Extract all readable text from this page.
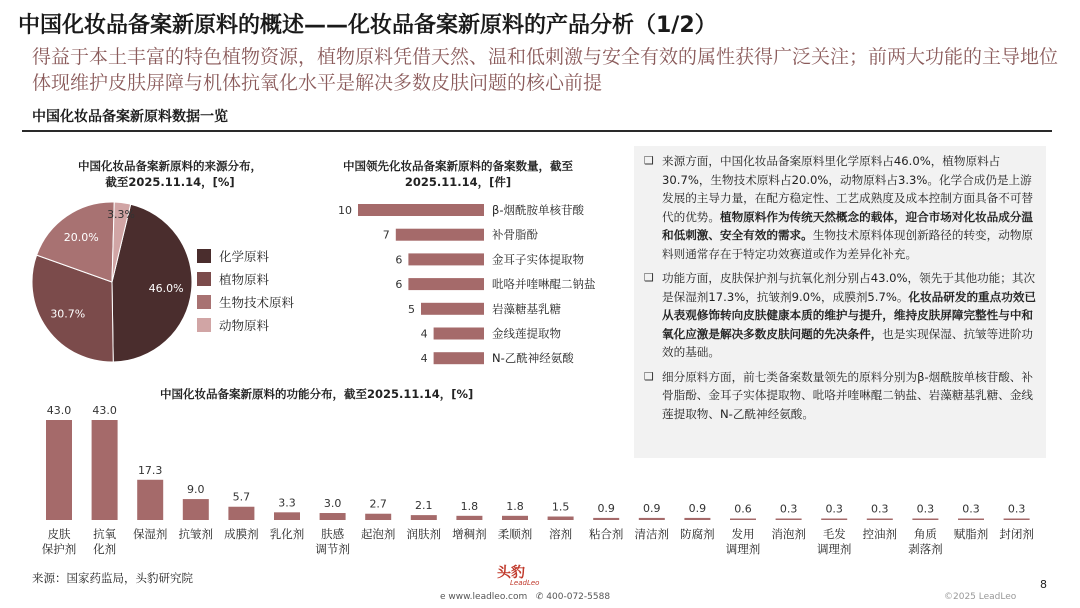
中国化妆品备案新原料的概述——化妆品备案新原料的产品分析（1/2）
得益于本土丰富的特色植物资源，植物原料凭借天然、温和低刺激与安全有效的属性获得广泛关注；前两大功能的主导地位体现维护皮肤屏障与机体抗氧化水平是解决多数皮肤问题的核心前提
中国化妆品备案新原料数据一览
中国化妆品备案新原料的来源分布，
截至2025.11.14，[%]
46.0%
30.7%
20.0%
3.3%
化学原料
植物原料
生物技术原料
动物原料
中国领先化妆品备案新原料的备案数量，截至
2025.11.14，[件]
10	β-烟酰胺单核苷酸
7	补骨脂酚
6	金耳子实体提取物
6	吡咯并喹啉醌二钠盐
5	岩藻糖基乳糖
4	金线莲提取物
4	N-乙酰神经氨酸
❑ 来源方面，中国化妆品备案原料里化学原料占46.0%，植物原料占30.7%，生物技术原料占20.0%，动物原料占3.3%。化学合成仍是上游发展的主导力量，在配方稳定性、工艺成熟度及成本控制方面具备不可替代的优势。植物原料作为传统天然概念的载体，迎合市场对化妆品成分温和低刺激、安全有效的需求。生物技术原料体现创新路径的转变，动物原料则通常存在于特定功效赛道或作为差异化补充。
❑ 功能方面，皮肤保护剂与抗氧化剂分别占43.0%，领先于其他功能；其次是保湿剂17.3%，抗皱剂9.0%，成膜剂5.7%。化妆品研发的重点功效已从表观修饰转向皮肤健康本质的维护与提升，维持皮肤屏障完整性与中和氧化应激是解决多数皮肤问题的先决条件，也是实现保湿、抗皱等进阶功效的基础。
❑ 细分原料方面，前七类备案数量领先的原料分别为β-烟酰胺单核苷酸、补骨脂酚、金耳子实体提取物、吡咯并喹啉醌二钠盐、岩藻糖基乳糖、金线莲提取物、N-乙酰神经氨酸。
中国化妆品备案新原料的功能分布，截至2025.11.14，[%]
43.0
皮肤
保护剂
43.0
抗氧
化剂
17.3
保湿剂
9.0
抗皱剂
5.7
成膜剂
3.3
乳化剂
3.0
肤感
调节剂
2.7
起泡剂
2.1
润肤剂
1.8
增稠剂
1.8
柔顺剂
1.5
溶剂
0.9
粘合剂
0.9
清洁剂
0.9
防腐剂
0.6
发用
调理剂
0.3
消泡剂
0.3
毛发
调理剂
0.3
控油剂
0.3
角质
剥落剂
0.3
赋脂剂
0.3
封闭剂
来源：国家药监局，头豹研究院	头豹
LeadLeo
e www.leadleo.com ✆ 400-072-5588	©2025 LeadLeo
8
